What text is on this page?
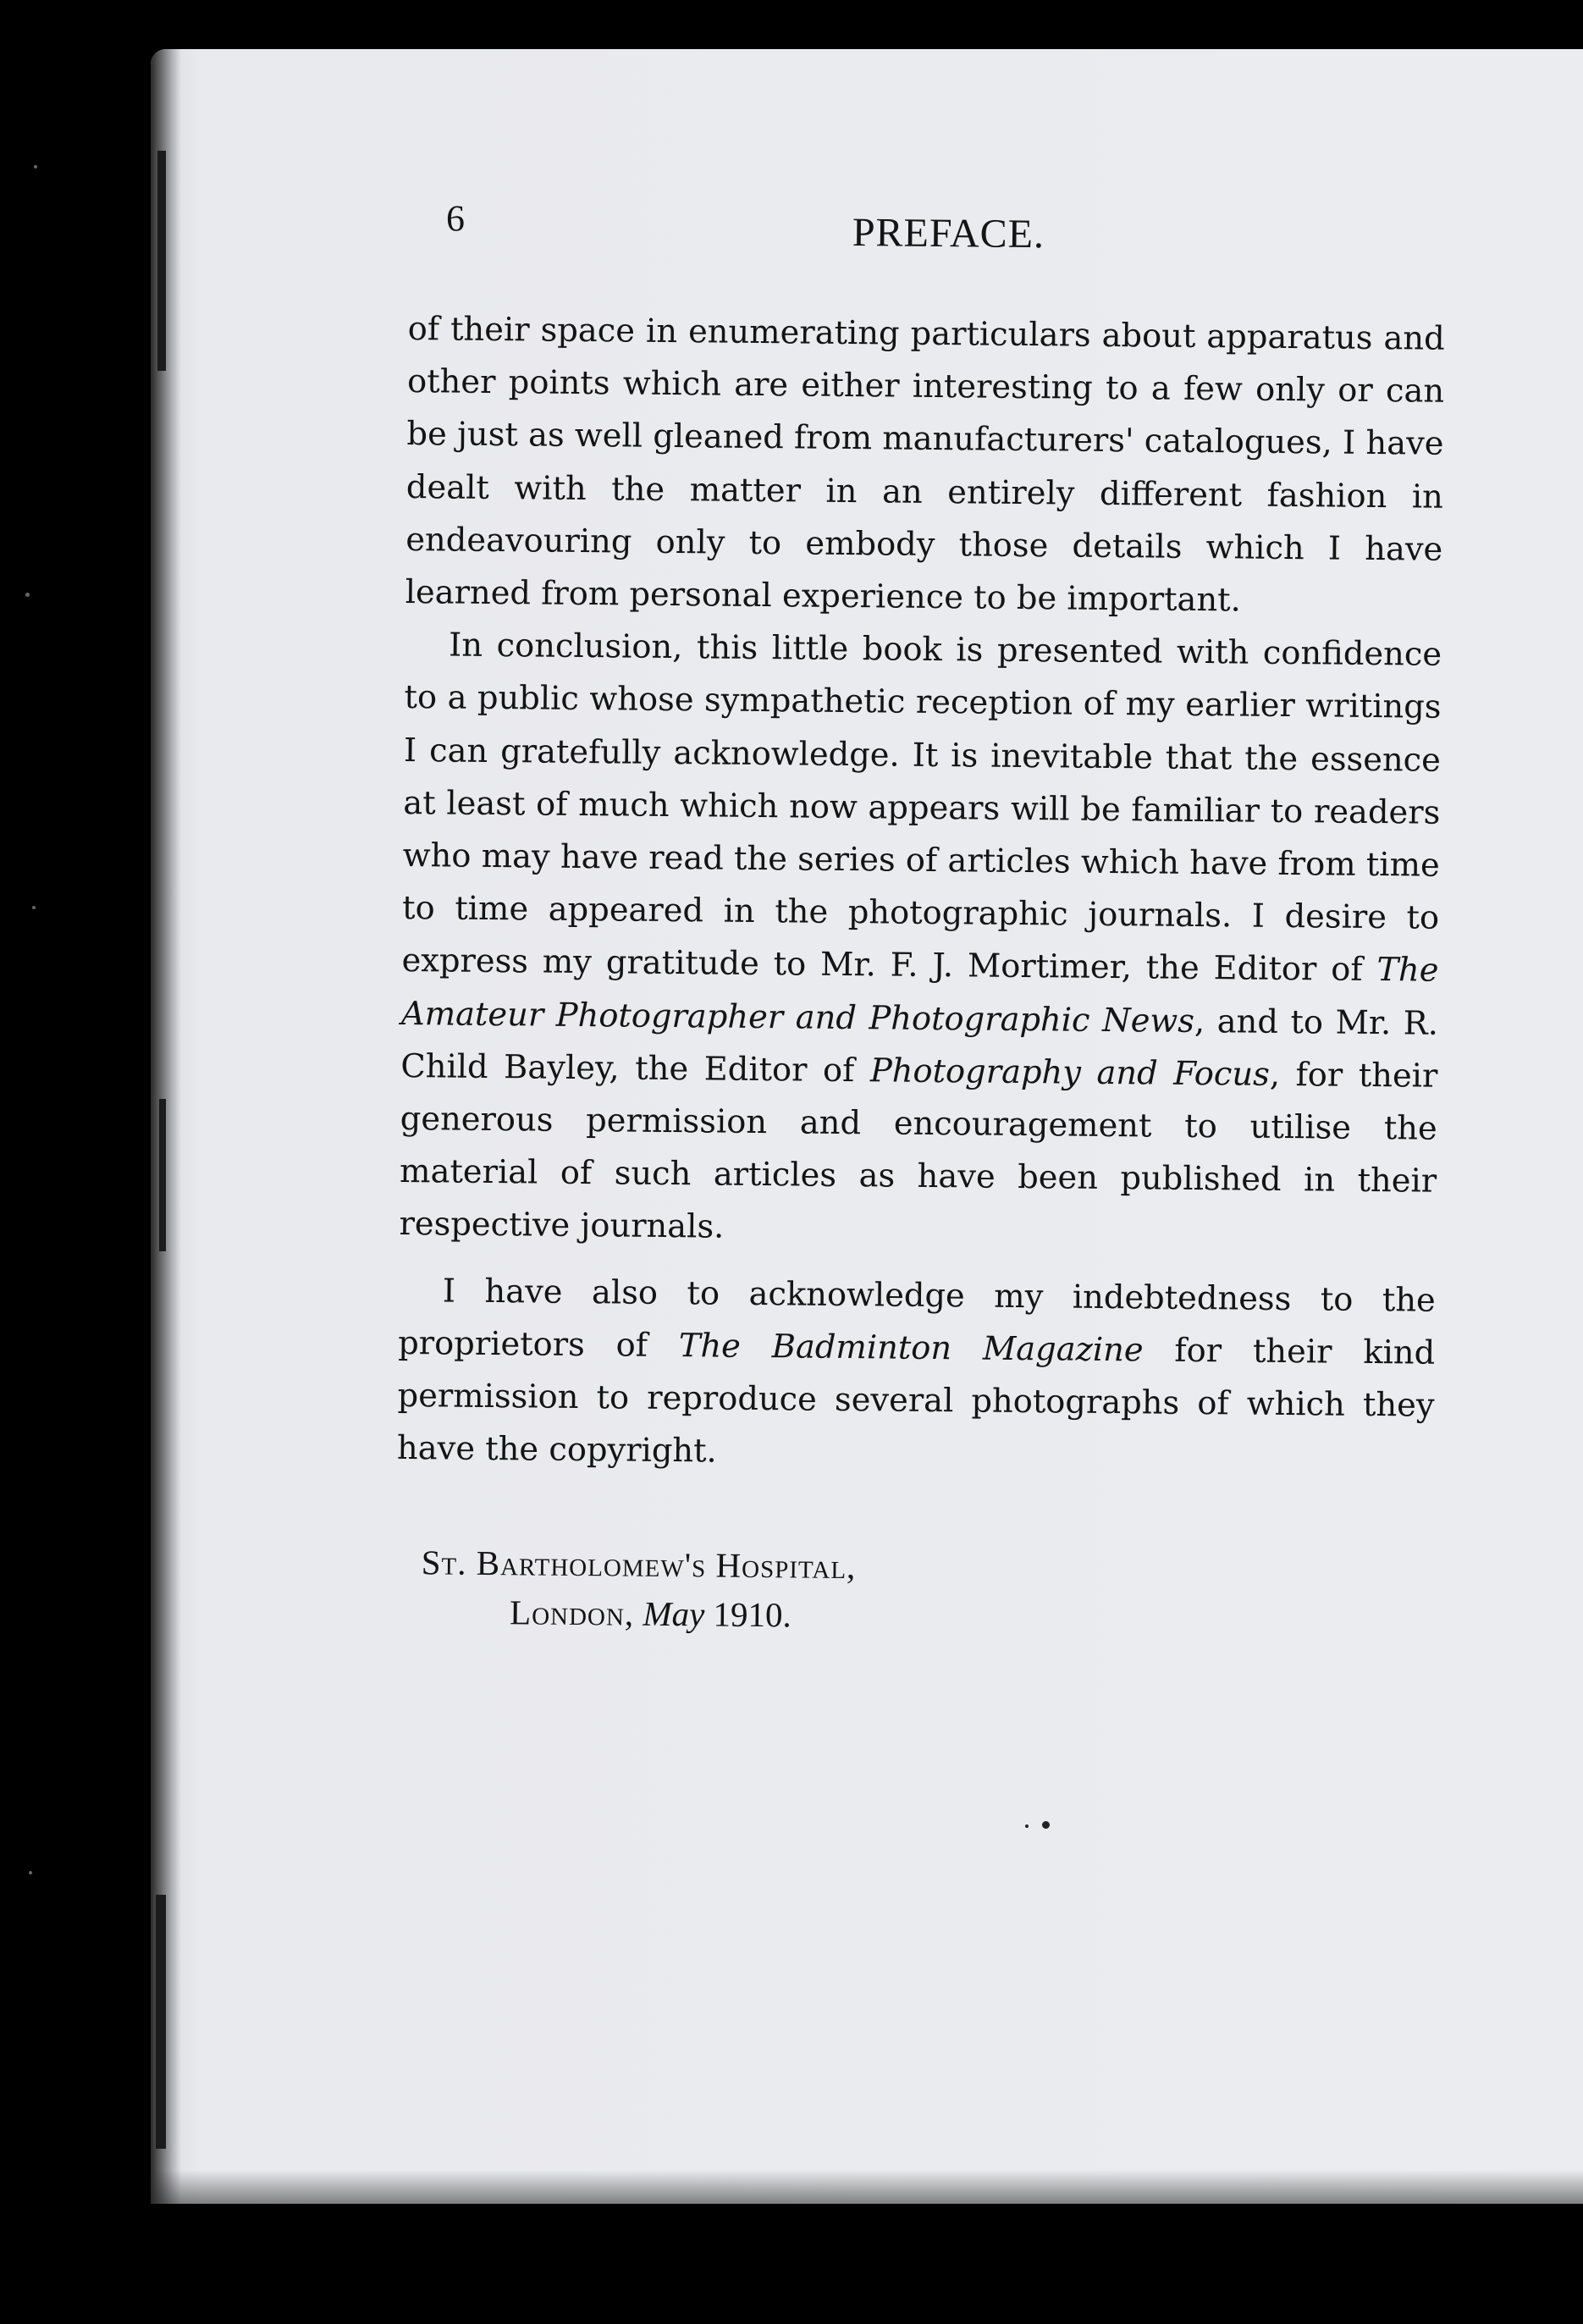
6	PREFACE.

of their space in enumerating particulars about apparatus and other points which are either interesting to a few only or can be just as well gleaned from manufacturers' catalogues, I have dealt with the matter in an entirely different fashion in endeavouring only to embody those details which I have learned from personal experience to be important.

In conclusion, this little book is presented with confidence to a public whose sympathetic reception of my earlier writings I can gratefully acknowledge. It is inevitable that the essence at least of much which now appears will be familiar to readers who may have read the series of articles which have from time to time appeared in the photographic journals. I desire to express my gratitude to Mr. F. J. Mortimer, the Editor of The Amateur Photographer and Photographic News, and to Mr. R. Child Bayley, the Editor of Photography and Focus, for their generous permission and encouragement to utilise the material of such articles as have been published in their respective journals.

I have also to acknowledge my indebtedness to the proprietors of The Badminton Magazine for their kind permission to reproduce several photographs of which they have the copyright.

St. Bartholomew's Hospital,
London, May 1910.
